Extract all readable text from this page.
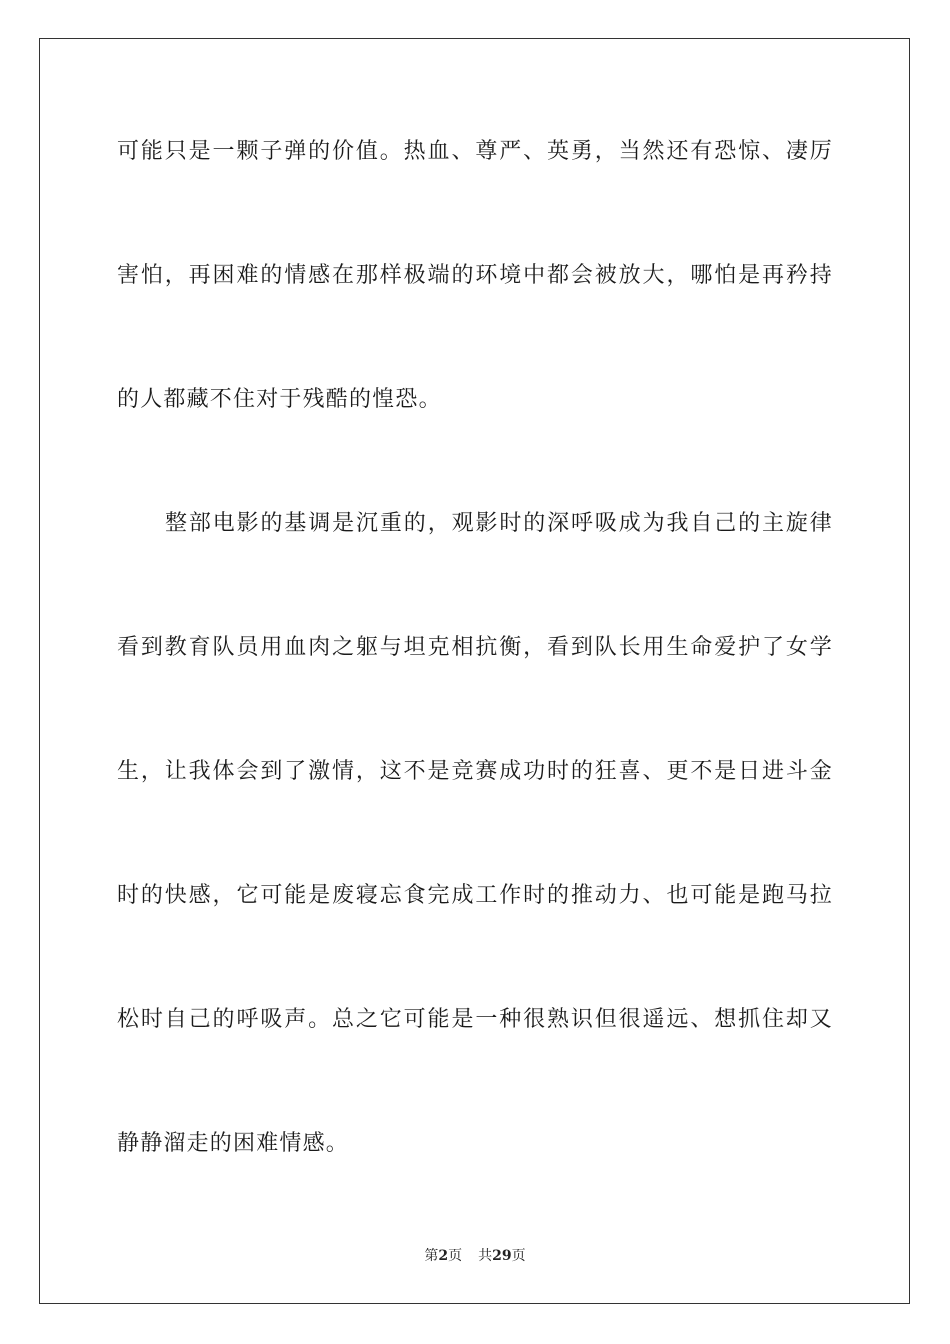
可能只是一颗子弹的价值。热血、尊严、英勇，当然还有恐惊、凄厉
害怕，再困难的情感在那样极端的环境中都会被放大，哪怕是再矜持
的人都藏不住对于残酷的惶恐。
整部电影的基调是沉重的，观影时的深呼吸成为我自己的主旋律
看到教育队员用血肉之躯与坦克相抗衡，看到队长用生命爱护了女学
生，让我体会到了激情，这不是竞赛成功时的狂喜、更不是日进斗金
时的快感，它可能是废寝忘食完成工作时的推动力、也可能是跑马拉
松时自己的呼吸声。总之它可能是一种很熟识但很遥远、想抓住却又
静静溜走的困难情感。
第2页 共29页
